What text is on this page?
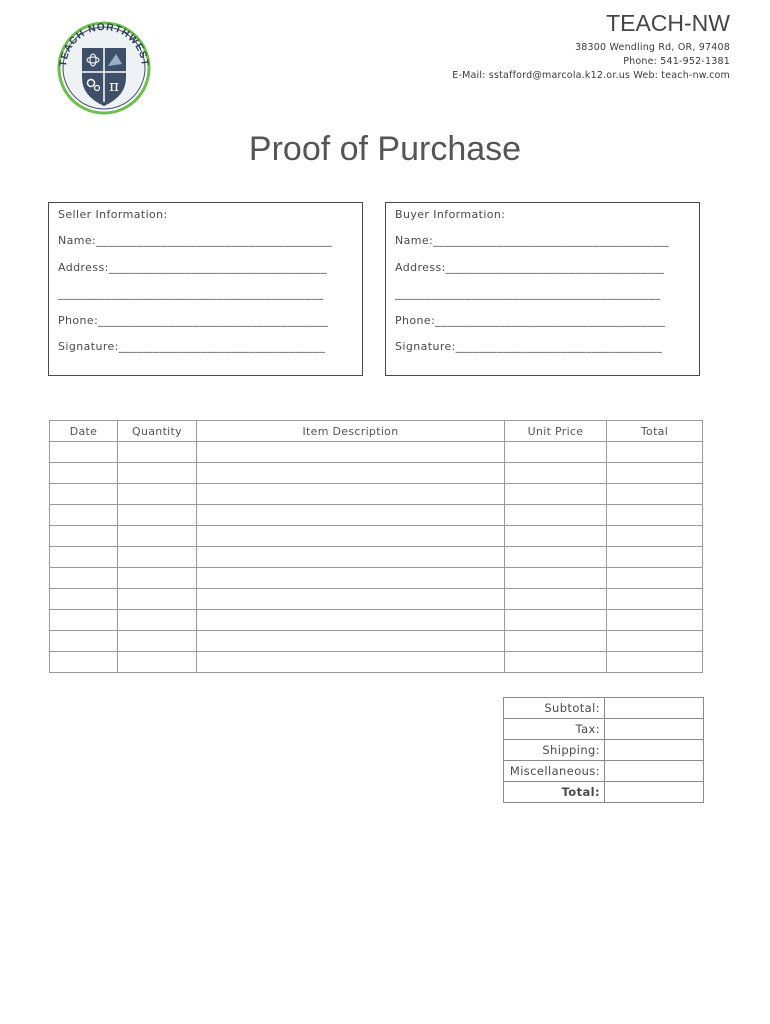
TEACH NORTHWEST
π
TEACH-NW
38300 Wendling Rd, OR, 97408
Phone: 541-952-1381
E-Mail: sstafford@marcola.k12.or.us Web: teach-nw.com
Proof of Purchase
Seller Information:
Name:________________________________________
Address:_____________________________________
_____________________________________________
Phone:_______________________________________
Signature:___________________________________
Buyer Information:
Name:________________________________________
Address:_____________________________________
_____________________________________________
Phone:_______________________________________
Signature:___________________________________
Date	Quantity	Item Description	Unit Price	Total

Subtotal:	
Tax:	
Shipping:	
Miscellaneous:	
Total:	
